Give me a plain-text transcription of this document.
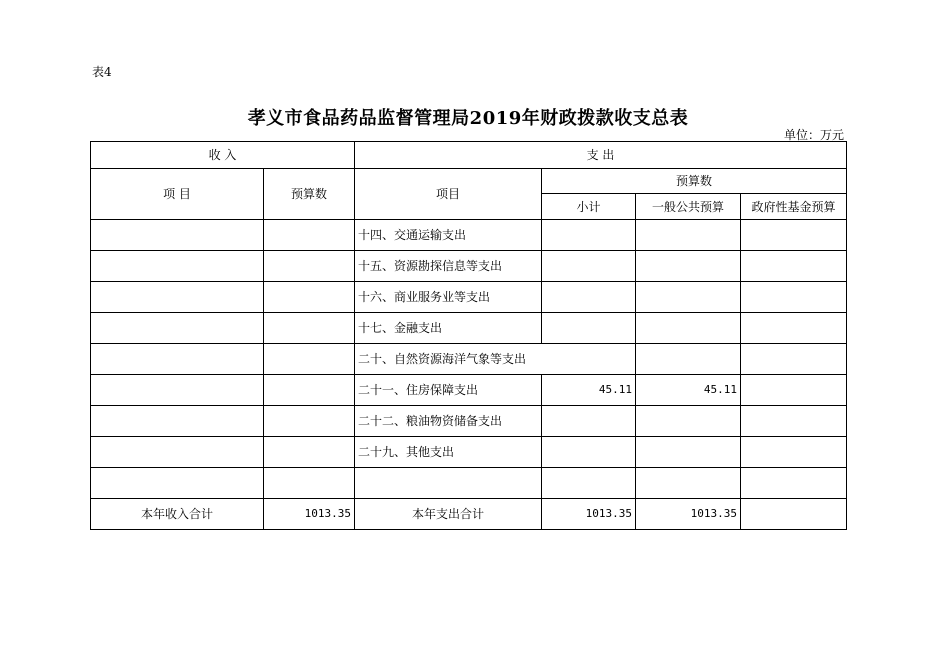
表4
孝义市食品药品监督管理局2019年财政拨款收支总表
单位：万元
收 入		支 出			
项 目	预算数	项目	预算数		
			小计	一般公共预算	政府性基金预算
		十四、交通运输支出			
		十五、资源勘探信息等支出			
		十六、商业服务业等支出			
		十七、金融支出			
		二十、自然资源海洋气象等支出			
		二十一、住房保障支出	45.11	45.11	
		二十二、粮油物资储备支出			
		二十九、其他支出			

本年收入合计	1013.35	本年支出合计	1013.35	1013.35	
